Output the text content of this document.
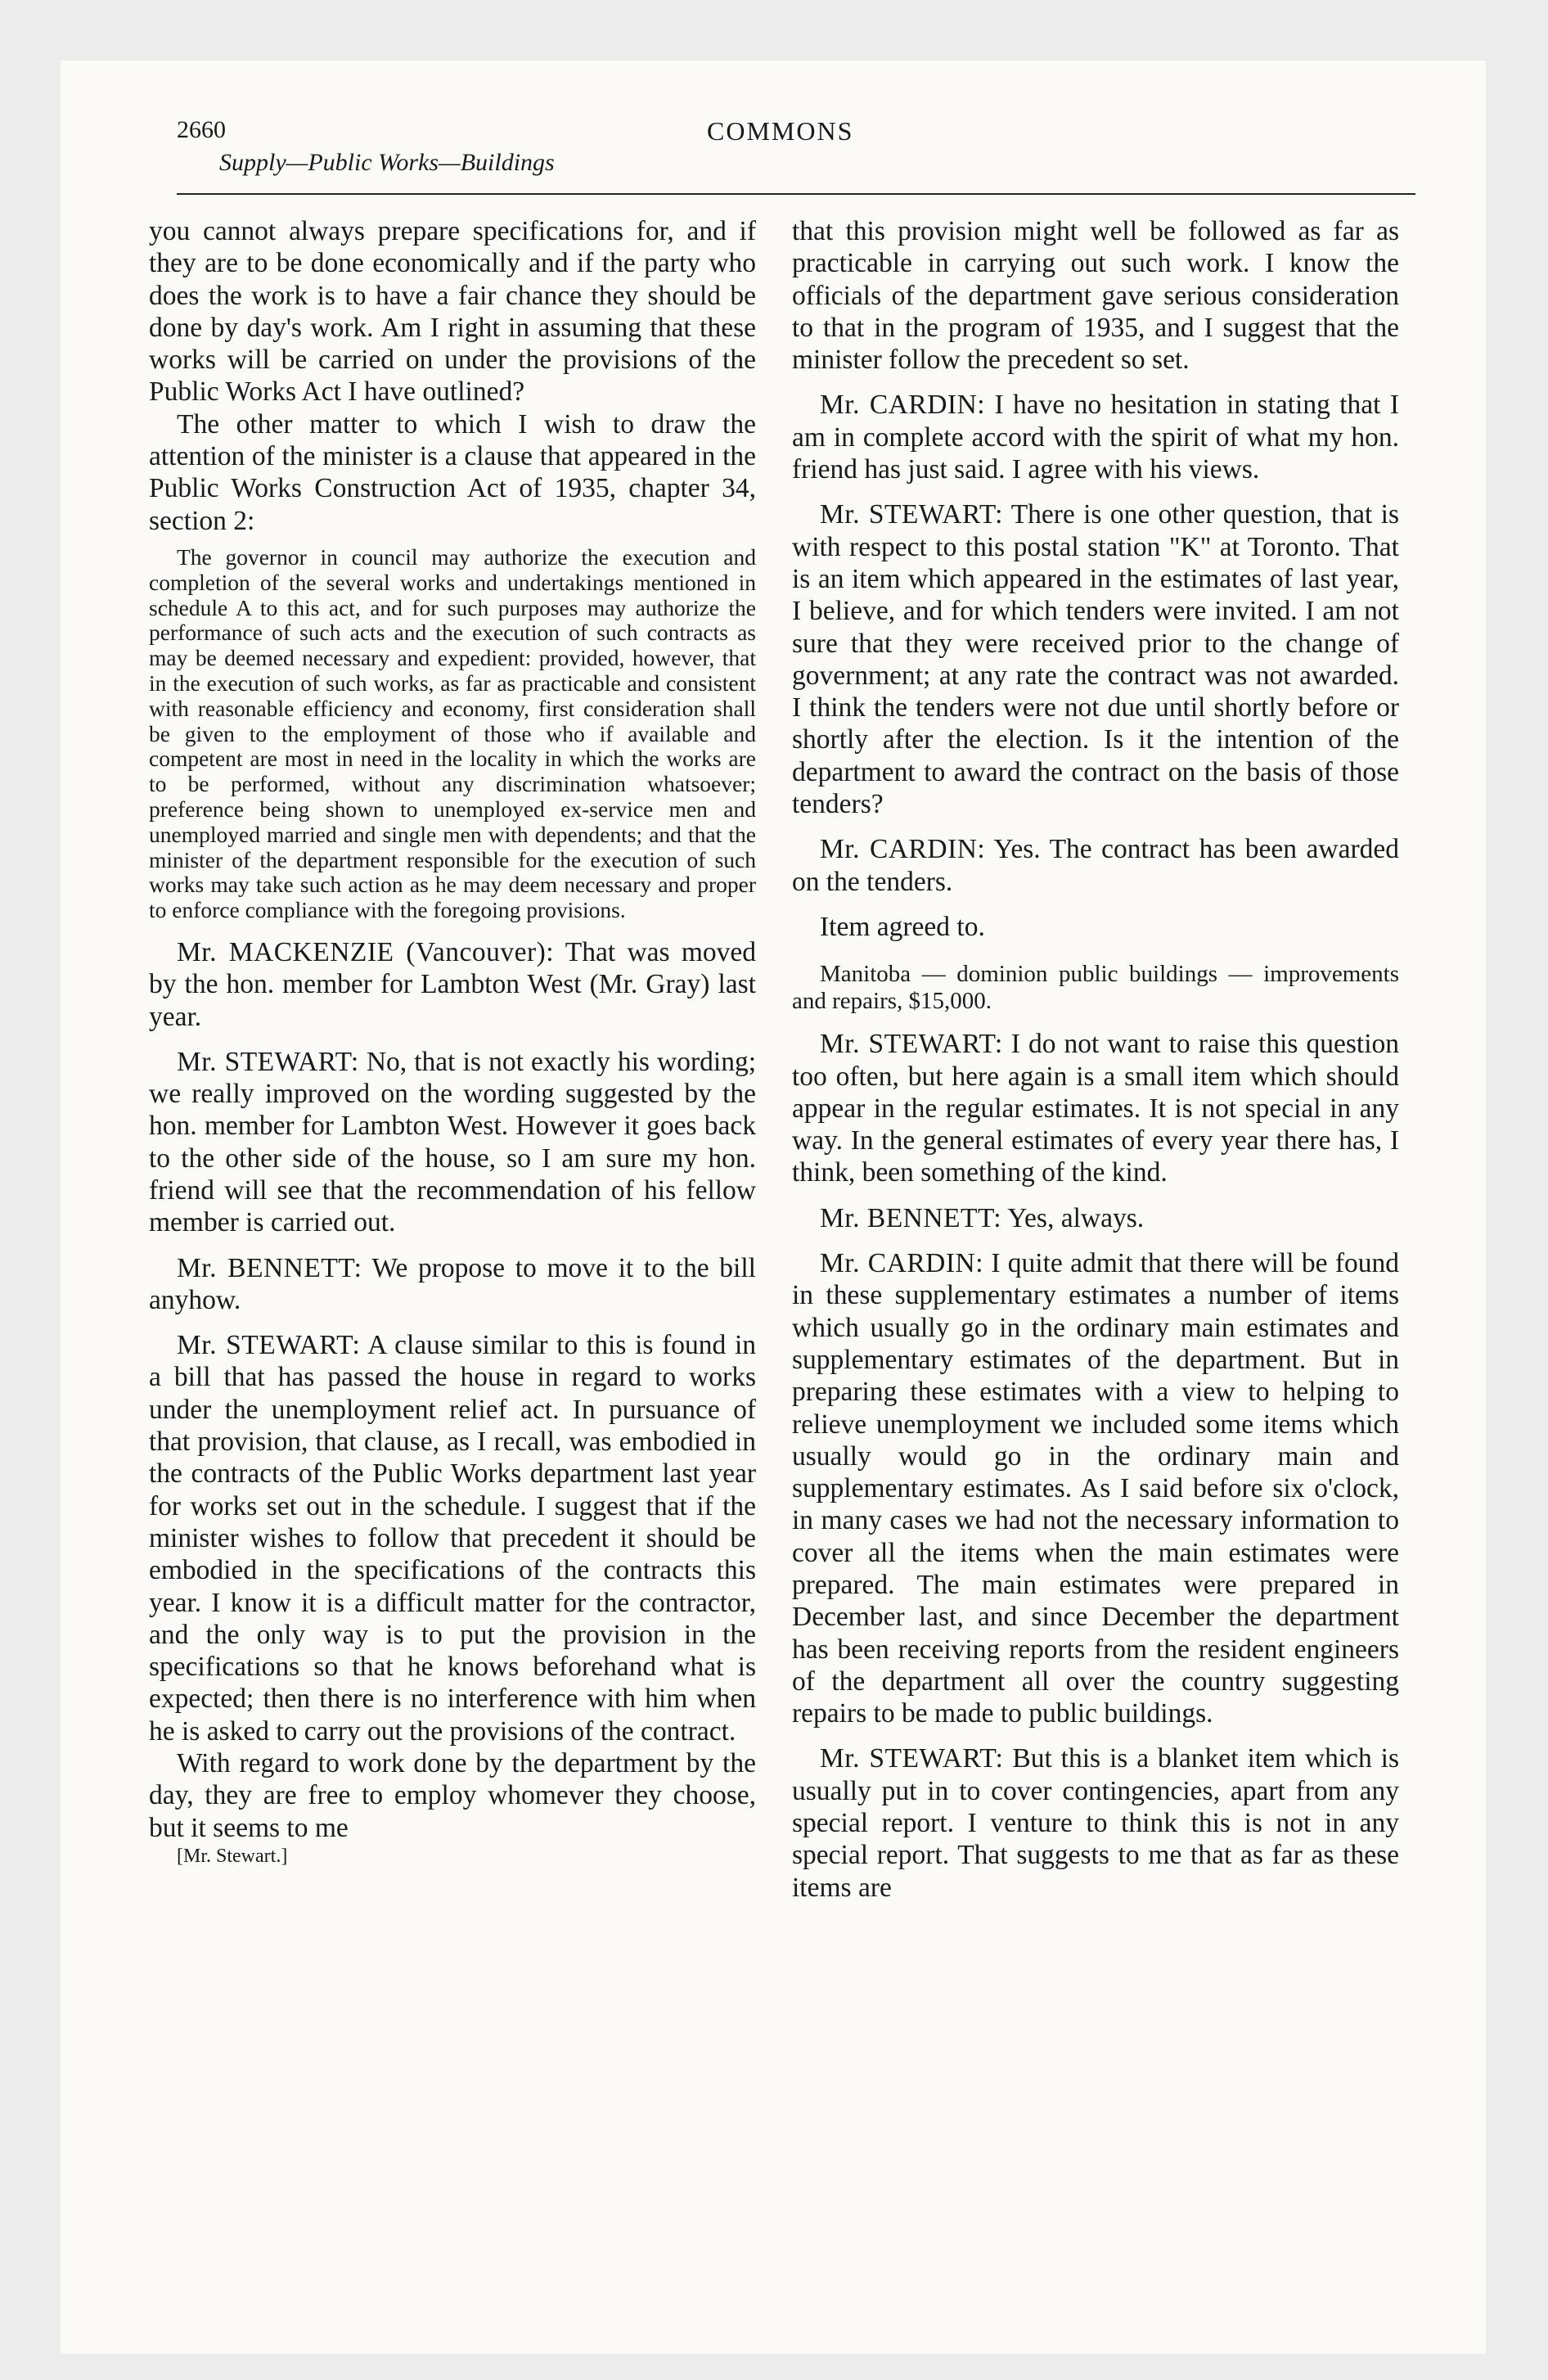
2660	COMMONS
Supply—Public Works—Buildings

you cannot always prepare specifications for, and if they are to be done economically and if the party who does the work is to have a fair chance they should be done by day's work. Am I right in assuming that these works will be carried on under the provisions of the Public Works Act I have outlined?

The other matter to which I wish to draw the attention of the minister is a clause that appeared in the Public Works Construction Act of 1935, chapter 34, section 2:

The governor in council may authorize the execution and completion of the several works and undertakings mentioned in schedule A to this act, and for such purposes may authorize the performance of such acts and the execution of such contracts as may be deemed necessary and expedient: provided, however, that in the execution of such works, as far as practicable and consistent with reasonable efficiency and economy, first consideration shall be given to the employment of those who if available and competent are most in need in the locality in which the works are to be performed, without any discrimination whatsoever; preference being shown to unemployed ex-service men and unemployed married and single men with dependents; and that the minister of the department responsible for the execution of such works may take such action as he may deem necessary and proper to enforce compliance with the foregoing provisions.

Mr. MACKENZIE (Vancouver): That was moved by the hon. member for Lambton West (Mr. Gray) last year.

Mr. STEWART: No, that is not exactly his wording; we really improved on the wording suggested by the hon. member for Lambton West. However it goes back to the other side of the house, so I am sure my hon. friend will see that the recommendation of his fellow member is carried out.

Mr. BENNETT: We propose to move it to the bill anyhow.

Mr. STEWART: A clause similar to this is found in a bill that has passed the house in regard to works under the unemployment relief act. In pursuance of that provision, that clause, as I recall, was embodied in the contracts of the Public Works department last year for works set out in the schedule. I suggest that if the minister wishes to follow that precedent it should be embodied in the specifications of the contracts this year. I know it is a difficult matter for the contractor, and the only way is to put the provision in the specifications so that he knows beforehand what is expected; then there is no interference with him when he is asked to carry out the provisions of the contract.

With regard to work done by the department by the day, they are free to employ whomever they choose, but it seems to me

[Mr. Stewart.]

that this provision might well be followed as far as practicable in carrying out such work. I know the officials of the department gave serious consideration to that in the program of 1935, and I suggest that the minister follow the precedent so set.

Mr. CARDIN: I have no hesitation in stating that I am in complete accord with the spirit of what my hon. friend has just said. I agree with his views.

Mr. STEWART: There is one other question, that is with respect to this postal station "K" at Toronto. That is an item which appeared in the estimates of last year, I believe, and for which tenders were invited. I am not sure that they were received prior to the change of government; at any rate the contract was not awarded. I think the tenders were not due until shortly before or shortly after the election. Is it the intention of the department to award the contract on the basis of those tenders?

Mr. CARDIN: Yes. The contract has been awarded on the tenders.

Item agreed to.

Manitoba — dominion public buildings — improvements and repairs, $15,000.

Mr. STEWART: I do not want to raise this question too often, but here again is a small item which should appear in the regular estimates. It is not special in any way. In the general estimates of every year there has, I think, been something of the kind.

Mr. BENNETT: Yes, always.

Mr. CARDIN: I quite admit that there will be found in these supplementary estimates a number of items which usually go in the ordinary main estimates and supplementary estimates of the department. But in preparing these estimates with a view to helping to relieve unemployment we included some items which usually would go in the ordinary main and supplementary estimates. As I said before six o'clock, in many cases we had not the necessary information to cover all the items when the main estimates were prepared. The main estimates were prepared in December last, and since December the department has been receiving reports from the resident engineers of the department all over the country suggesting repairs to be made to public buildings.

Mr. STEWART: But this is a blanket item which is usually put in to cover contingencies, apart from any special report. I venture to think this is not in any special report. That suggests to me that as far as these items are
